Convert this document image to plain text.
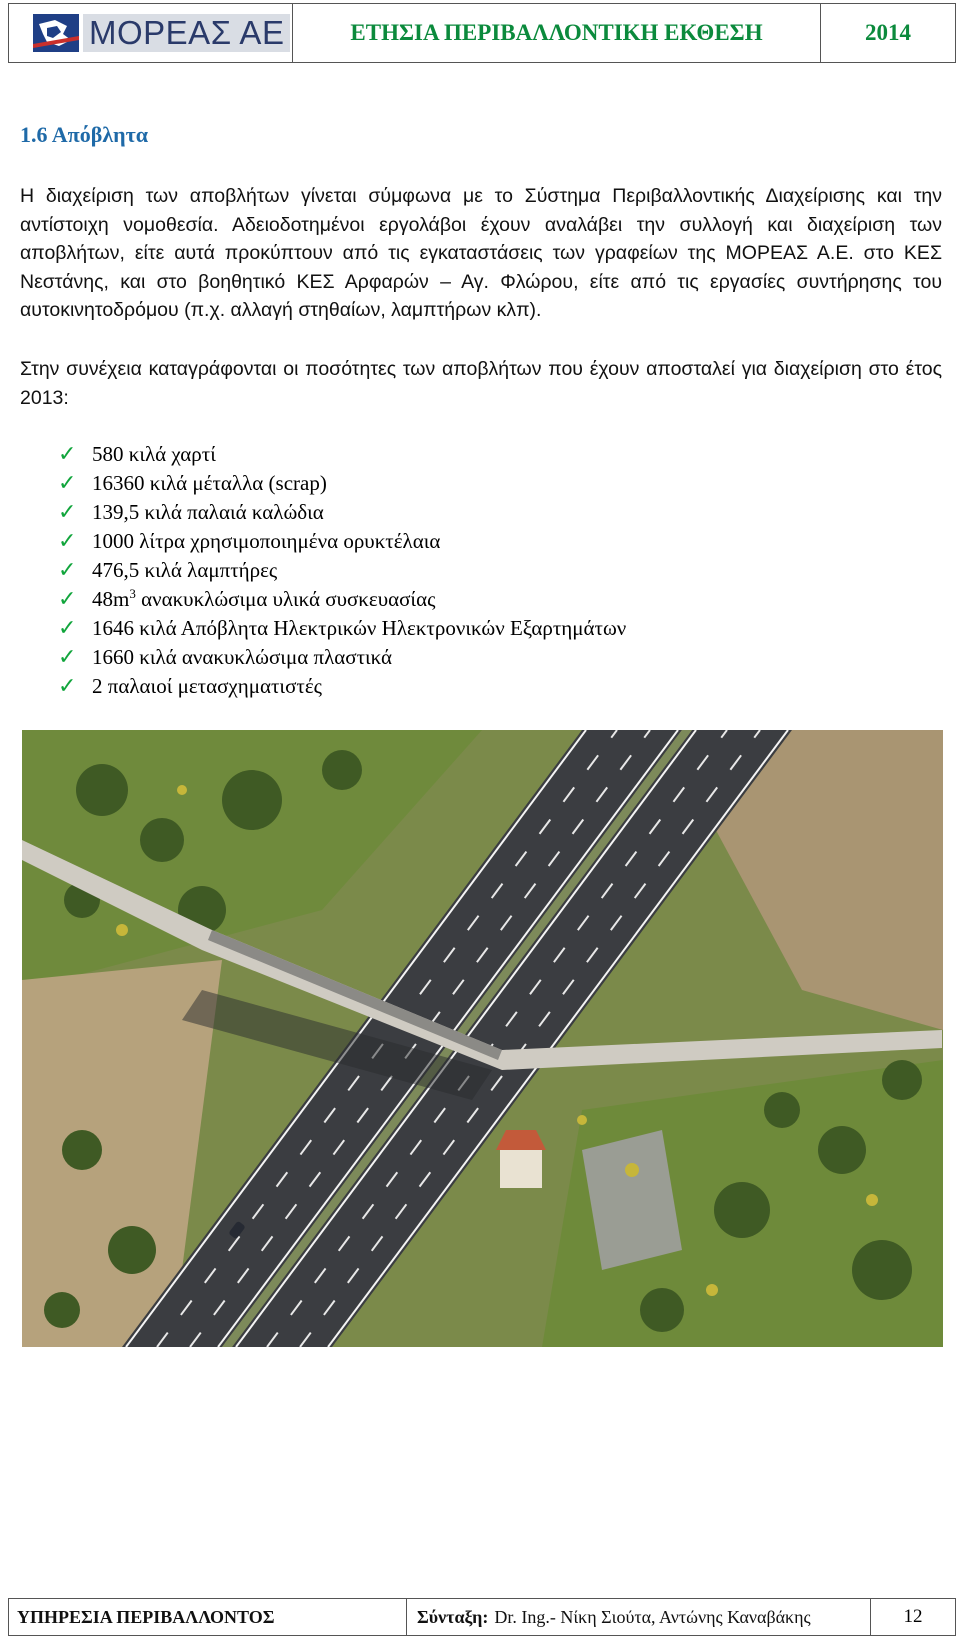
ΜΟΡΕΑΣ ΑΕ	ΕΤΗΣΙΑ ΠΕΡΙΒΑΛΛΟΝΤΙΚΗ ΕΚΘΕΣΗ	2014
1.6 Απόβλητα

Η διαχείριση των αποβλήτων γίνεται σύμφωνα με το Σύστημα Περιβαλλοντικής Διαχείρισης και την αντίστοιχη νομοθεσία. Αδειοδοτημένοι εργολάβοι έχουν αναλάβει την συλλογή και διαχείριση των αποβλήτων, είτε αυτά προκύπτουν από τις εγκαταστάσεις των γραφείων της ΜΟΡΕΑΣ Α.Ε. στο ΚΕΣ Νεστάνης, και στο βοηθητικό ΚΕΣ Αρφαρών – Αγ. Φλώρου, είτε από τις εργασίες συντήρησης του αυτοκινητοδρόμου (π.χ. αλλαγή στηθαίων, λαμπτήρων κλπ).

Στην συνέχεια καταγράφονται οι ποσότητες των αποβλήτων που έχουν αποσταλεί για διαχείριση στο έτος 2013:

✓ 580 κιλά χαρτί
✓ 16360 κιλά μέταλλα (scrap)
✓ 139,5 κιλά παλαιά καλώδια
✓ 1000 λίτρα χρησιμοποιημένα ορυκτέλαια
✓ 476,5 κιλά λαμπτήρες
✓ $48m^3$ ανακυκλώσιμα υλικά συσκευασίας
✓ 1646 κιλά Απόβλητα Ηλεκτρικών Ηλεκτρονικών Εξαρτημάτων
✓ 1660 κιλά ανακυκλώσιμα πλαστικά
✓ 2 παλαιοί μετασχηματιστές
ΥΠΗΡΕΣΙΑ ΠΕΡΙΒΑΛΛΟΝΤΟΣ	Σύνταξη: Dr. Ing.- Νίκη Σιούτα, Αντώνης Καναβάκης	12
